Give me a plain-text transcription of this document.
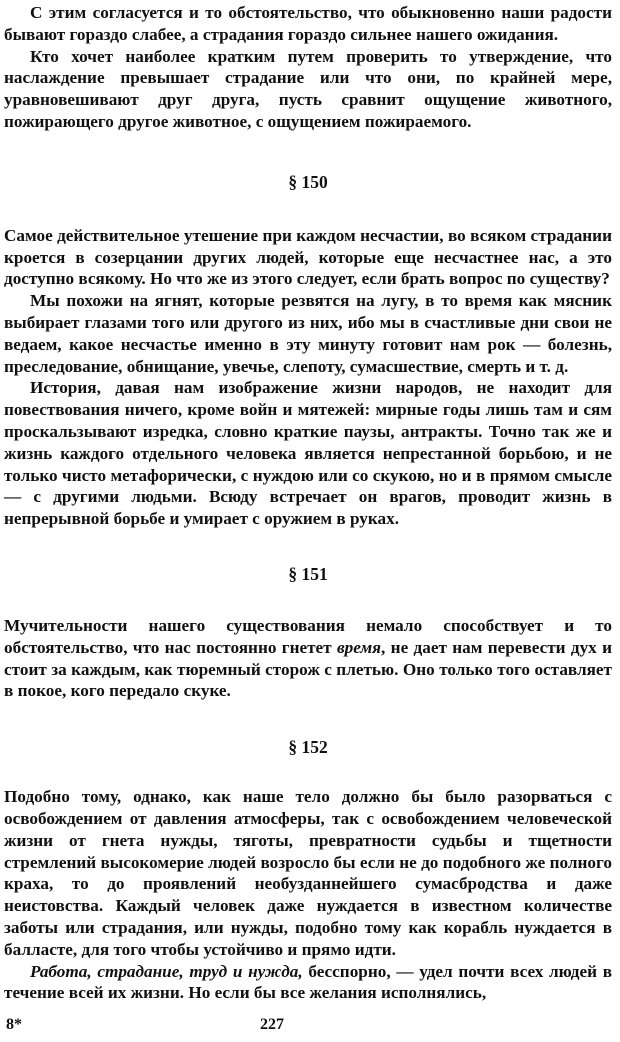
С этим согласуется и то обстоятельство, что обыкновенно наши радости бывают гораздо слабее, а страдания гораздо сильнее нашего ожидания.

Кто хочет наиболее кратким путем проверить то утверждение, что наслаждение превышает страдание или что они, по крайней мере, уравновешивают друг друга, пусть сравнит ощущение животного, пожирающего другое животное, с ощущением пожираемого.

§ 150

Самое действительное утешение при каждом несчастии, во всяком страдании кроется в созерцании других людей, которые еще несчастнее нас, а это доступно всякому. Но что же из этого следует, если брать вопрос по существу?

Мы похожи на ягнят, которые резвятся на лугу, в то время как мясник выбирает глазами того или другого из них, ибо мы в счастливые дни свои не ведаем, какое несчастье именно в эту минуту готовит нам рок — болезнь, преследование, обнищание, увечье, слепоту, сумасшествие, смерть и т. д.

История, давая нам изображение жизни народов, не находит для повествования ничего, кроме войн и мятежей: мирные годы лишь там и сям проскальзывают изредка, словно краткие паузы, антракты. Точно так же и жизнь каждого отдельного человека является непрестанной борьбою, и не только чисто метафорически, с нуждою или со скукою, но и в прямом смысле — с другими людьми. Всюду встречает он врагов, проводит жизнь в непрерывной борьбе и умирает с оружием в руках.

§ 151

Мучительности нашего существования немало способствует и то обстоятельство, что нас постоянно гнетет время, не дает нам перевести дух и стоит за каждым, как тюремный сторож с плетью. Оно только того оставляет в покое, кого передало скуке.

§ 152

Подобно тому, однако, как наше тело должно бы было разорваться с освобождением от давления атмосферы, так с освобождением человеческой жизни от гнета нужды, тяготы, превратности судьбы и тщетности стремлений высокомерие людей возросло бы если не до подобного же полного краха, то до проявлений необузданнейшего сумасбродства и даже неистовства. Каждый человек даже нуждается в известном количестве заботы или страдания, или нужды, подобно тому как корабль нуждается в балласте, для того чтобы устойчиво и прямо идти.

Работа, страдание, труд и нужда, бесспорно, — удел почти всех людей в течение всей их жизни. Но если бы все желания исполнялись,

8*	227
